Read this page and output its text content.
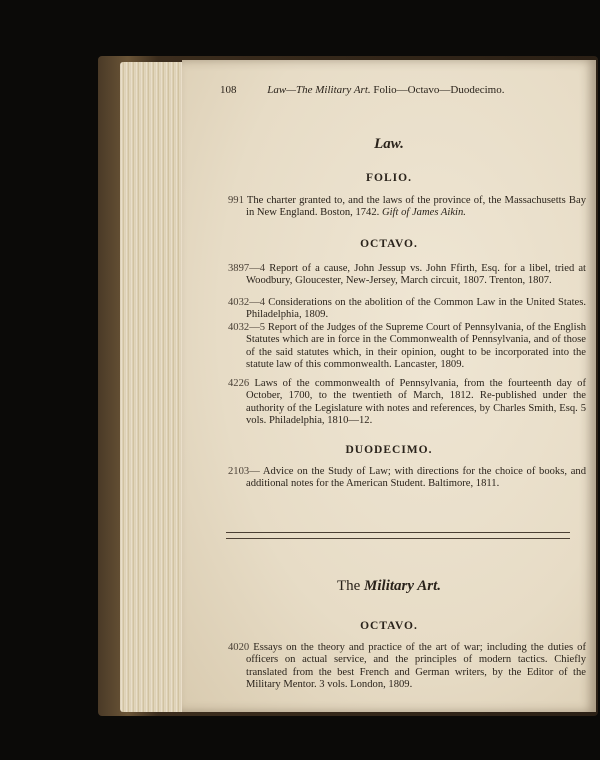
108	Law—The Military Art. Folio—Octavo—Duodecimo.
Law.
FOLIO.
991 The charter granted to, and the laws of the province of, the Massachusetts Bay in New England. Boston, 1742. Gift of James Aikin.
OCTAVO.
3897—4 Report of a cause, John Jessup vs. John Ffirth, Esq. for a libel, tried at Woodbury, Gloucester, New-Jersey, March circuit, 1807. Trenton, 1807.
4032—4 Considerations on the abolition of the Common Law in the United States. Philadelphia, 1809.
4032—5 Report of the Judges of the Supreme Court of Pennsylvania, of the English Statutes which are in force in the Commonwealth of Pennsylvania, and of those of the said statutes which, in their opinion, ought to be incorporated into the statute law of this commonwealth. Lancaster, 1809.
4226 Laws of the commonwealth of Pennsylvania, from the fourteenth day of October, 1700, to the twentieth of March, 1812. Re-published under the authority of the Legislature with notes and references, by Charles Smith, Esq. 5 vols. Philadelphia, 1810—12.
DUODECIMO.
2103— Advice on the Study of Law; with directions for the choice of books, and additional notes for the American Student. Baltimore, 1811.
The Military Art.
OCTAVO.
4020 Essays on the theory and practice of the art of war; including the duties of officers on actual service, and the principles of modern tactics. Chiefly translated from the best French and German writers, by the Editor of the Military Mentor. 3 vols. London, 1809.
